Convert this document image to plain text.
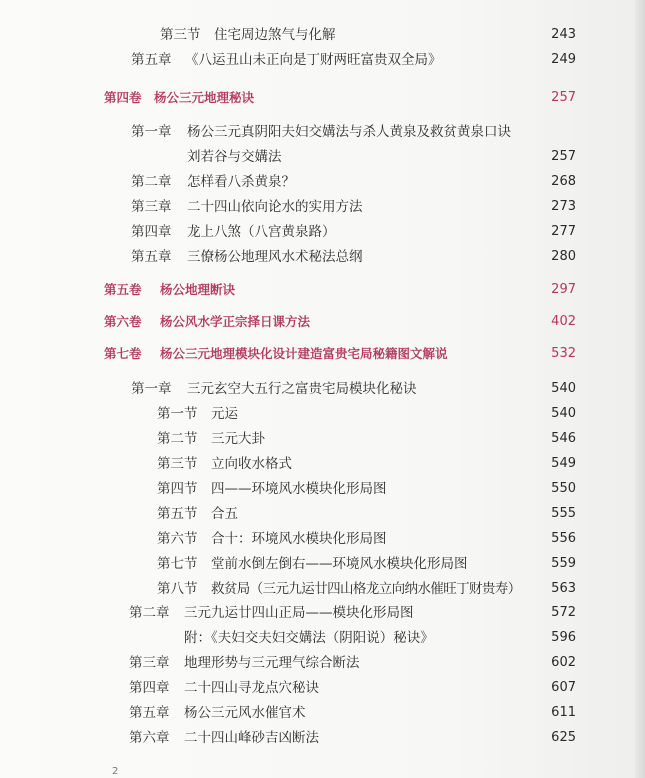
第三节 住宅周边煞气与化解	243
第五章 《八运丑山未正向是丁财两旺富贵双全局》	249
第四卷 杨公三元地理秘诀	257
第一章 杨公三元真阴阳夫妇交媾法与杀人黄泉及救贫黄泉口诀
刘若谷与交媾法	257
第二章 怎样看八杀黄泉？	268
第三章 二十四山依向论水的实用方法	273
第四章 龙上八煞（八宫黄泉路）	277
第五章 三僚杨公地理风水术秘法总纲	280
第五卷 杨公地理断诀	297
第六卷 杨公风水学正宗择日课方法	402
第七卷 杨公三元地理模块化设计建造富贵宅局秘籍图文解说	532
第一章 三元玄空大五行之富贵宅局模块化秘诀	540
第一节 元运	540
第二节 三元大卦	546
第三节 立向收水格式	549
第四节 四——环境风水模块化形局图	550
第五节 合五	555
第六节 合十：环境风水模块化形局图	556
第七节 堂前水倒左倒右——环境风水模块化形局图	559
第八节 救贫局（三元九运廿四山格龙立向纳水催旺丁财贵寿）	563
第二章 三元九运廿四山正局——模块化形局图	572
附：《夫妇交夫妇交媾法（阴阳说）秘诀》	596
第三章 地理形势与三元理气综合断法	602
第四章 二十四山寻龙点穴秘诀	607
第五章 杨公三元风水催官术	611
第六章 二十四山峰砂吉凶断法	625
2
